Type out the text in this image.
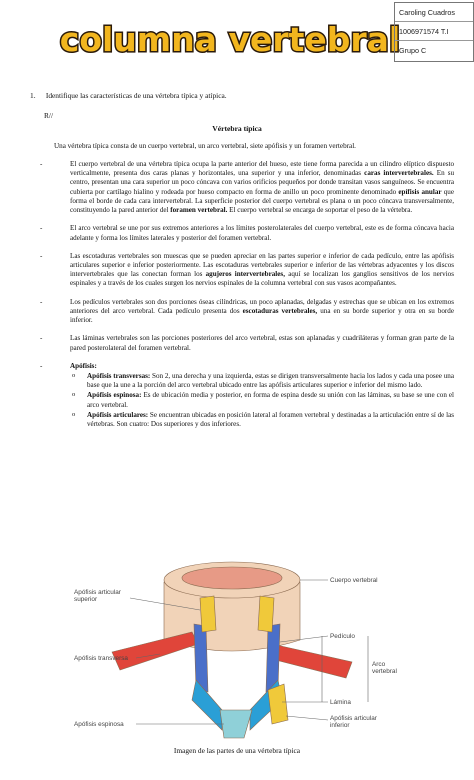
columna vertebral
Caroling Cuadros
1006971574 T.I
Grupo C
1. Identifique las características de una vértebra típica y atípica.
R//
Vértebra típica
Una vértebra típica consta de un cuerpo vertebral, un arco vertebral, siete apófisis y un foramen vertebral.
-	El cuerpo vertebral de una vértebra típica ocupa la parte anterior del hueso, este tiene forma parecida a un cilindro elíptico dispuesto verticalmente, presenta dos caras planas y horizontales, una superior y una inferior, denominadas caras intervertebrales. En su centro, presentan una cara superior un poco cóncava con varios orificios pequeños por donde transitan vasos sanguíneos. Se encuentra cubierta por cartílago hialino y rodeada por hueso compacto en forma de anillo un poco prominente denominado epífisis anular que forma el borde de cada cara intervertebral. La superficie posterior del cuerpo vertebral es plana o un poco cóncava transversalmente, constituyendo la pared anterior del foramen vertebral. El cuerpo vertebral se encarga de soportar el peso de la vértebra.
-	El arco vertebral se une por sus extremos anteriores a los límites posterolaterales del cuerpo vertebral, este es de forma cóncava hacia adelante y forma los límites laterales y posterior del foramen vertebral.
-	Las escotaduras vertebrales son muescas que se pueden apreciar en las partes superior e inferior de cada pedículo, entre las apófisis articulares superior e inferior posteriormente. Las escotaduras vertebrales superior e inferior de las vértebras adyacentes y los discos intervertebrales que las conectan forman los agujeros intervertebrales, aquí se localizan los ganglios sensitivos de los nervios espinales y a través de los cuales surgen los nervios espinales de la columna vertebral con sus vasos acompañantes.
-	Los pedículos vertebrales son dos porciones óseas cilíndricas, un poco aplanadas, delgadas y estrechas que se ubican en los extremos anteriores del arco vertebral. Cada pedículo presenta dos escotaduras vertebrales, una en su borde superior y otra en su borde inferior.
-	Las láminas vertebrales son las porciones posteriores del arco vertebral, estas son aplanadas y cuadriláteras y forman gran parte de la pared posterolateral del foramen vertebral.
-	Apófisis:
o Apófisis transversas: Son 2, una derecha y una izquierda, estas se dirigen transversalmente hacia los lados y cada una posee una base que la une a la porción del arco vertebral ubicado entre las apófisis articulares superior e inferior del mismo lado.
o Apófisis espinosa: Es de ubicación media y posterior, en forma de espina desde su unión con las láminas, su base se une con el arco vertebral.
o Apófisis articulares: Se encuentran ubicadas en posición lateral al foramen vertebral y destinadas a la articulación entre sí de las vértebras. Son cuatro: Dos superiores y dos inferiores.
Apófisis articular
superior
Apófisis transversa
Apófisis espinosa
Cuerpo vertebral
Pedículo
Arco
vertebral
Lámina
Apófisis articular
inferior
Imagen de las partes de una vértebra típica
